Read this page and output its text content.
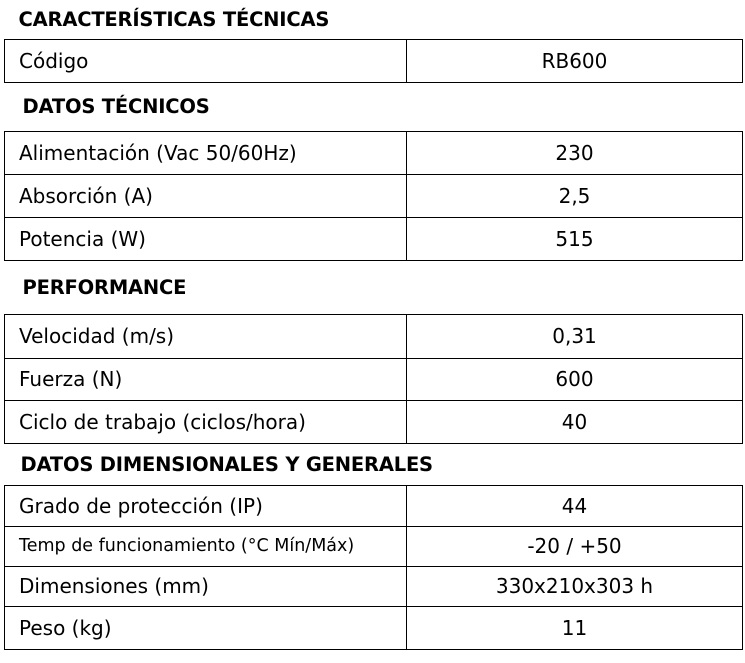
CARACTERÍSTICAS TÉCNICAS	
Código	RB600
DATOS TÉCNICOS	
Alimentación (Vac 50/60Hz)	230
Absorción (A)	2,5
Potencia (W)	515
PERFORMANCE	
Velocidad (m/s)	0,31
Fuerza (N)	600
Ciclo de trabajo (ciclos/hora)	40
DATOS DIMENSIONALES Y GENERALES	
Grado de protección (IP)	44
Temp de funcionamiento (°C Mín/Máx)	-20 / +50
Dimensiones (mm)	330x210x303 h
Peso (kg)	11
